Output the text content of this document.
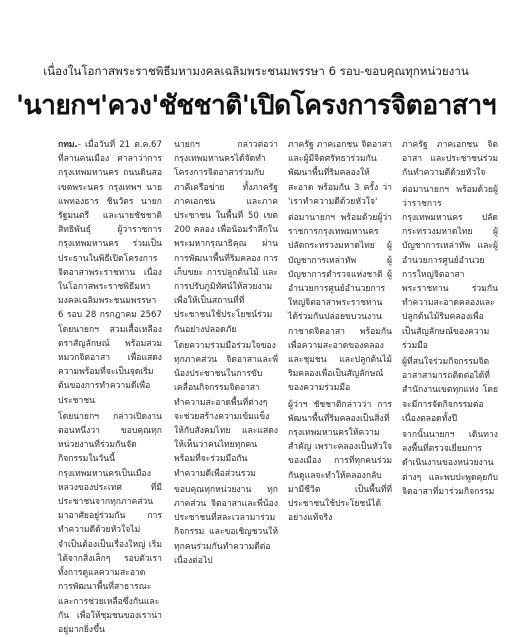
เนื่องในโอกาสพระราชพิธีมหามงคลเฉลิมพระชนมพรรษา 6 รอบ-ขอบคุณทุกหน่วยงาน
'นายกฯ'ควง'ชัชชาติ'เปิดโครงการจิตอาสาฯ

กทม.- เมื่อวันที่ 21 ต.ค.67 ที่ลานคนเมือง ศาลาว่าการกรุงเทพมหานคร ถนนดินสอ เขตพระนคร กรุงเทพฯ นายแพทองธาร ชินวัตร นายกรัฐมนตรี และนายชัชชาติ สิทธิพันธุ์ ผู้ว่าราชการกรุงเทพมหานคร ร่วมเป็นประธานในพิธีเปิดโครงการจิตอาสาพระราชทาน เนื่องในโอกาสพระราชพิธีมหามงคลเฉลิมพระชนมพรรษา 6 รอบ 28 กรกฎาคม 2567 โดยนายกฯ สวมเสื้อเหลืองตราสัญลักษณ์ พร้อมสวมหมวกจิตอาสา เพื่อแสดงความพร้อมที่จะเป็นจุดเริ่มต้นของการทำความดีเพื่อประชาชน

โดยนายกฯ กล่าวเปิดงานตอนหนึ่งว่า ขอบคุณทุกหน่วยงานที่ร่วมกันจัดกิจกรรมในวันนี้ กรุงเทพมหานครเป็นเมืองหลวงของประเทศ ที่มีประชาชนจากทุกภาคส่วนมาอาศัยอยู่ร่วมกัน การทำความดีด้วยหัวใจไม่จำเป็นต้องเป็นเรื่องใหญ่ เริ่มได้จากสิ่งเล็กๆ รอบตัวเรา ทั้งการดูแลความสะอาด การพัฒนาพื้นที่สาธารณะ และการช่วยเหลือซึ่งกันและกัน เพื่อให้ชุมชนของเราน่าอยู่มากยิ่งขึ้น

นายกฯ กล่าวต่อว่า กรุงเทพมหานครได้จัดทำโครงการจิตอาสาร่วมกับภาคีเครือข่าย ทั้งภาครัฐ ภาคเอกชน และภาคประชาชน ในพื้นที่ 50 เขต 200 คลอง เพื่อน้อมรำลึกในพระมหากรุณาธิคุณ ผ่านการพัฒนาพื้นที่ริมคลอง การเก็บขยะ การปลูกต้นไม้ และการปรับภูมิทัศน์ให้สวยงาม เพื่อให้เป็นสถานที่ที่ประชาชนใช้ประโยชน์ร่วมกันอย่างปลอดภัย

โดยความร่วมมือร่วมใจของทุกภาคส่วน จิตอาสาและพี่น้องประชาชนในการขับเคลื่อนกิจกรรมจิตอาสาทำความสะอาดพื้นที่ต่างๆ จะช่วยสร้างความเข้มแข็งให้กับสังคมไทย และแสดงให้เห็นว่าคนไทยทุกคนพร้อมที่จะร่วมมือกันทำความดีเพื่อส่วนรวม

ขอบคุณทุกหน่วยงาน ทุกภาคส่วน จิตอาสาและพี่น้องประชาชนที่สละเวลามาร่วมกิจกรรม และขอเชิญชวนให้ทุกคนร่วมกันทำความดีต่อเนื่องต่อไป

ภาครัฐ ภาคเอกชน จิตอาสา และผู้มีจิตศรัทธาร่วมกันพัฒนาพื้นที่ริมคลองให้สะอาด พร้อมกัน 3 ครั้ง ว่า 'เราทำความดีด้วยหัวใจ'

ต่อมานายกฯ พร้อมด้วยผู้ว่าราชการกรุงเทพมหานคร ปลัดกระทรวงมหาดไทย ผู้บัญชาการเหล่าทัพ ผู้บัญชาการตำรวจแห่งชาติ ผู้อำนวยการศูนย์อำนวยการใหญ่จิตอาสาพระราชทาน ได้ร่วมกันปล่อยขบวนงานกาชาดจิตอาสา พร้อมกันเพื่อความสะอาดของคลองและชุมชน และปลูกต้นไม้ริมคลองเพื่อเป็นสัญลักษณ์ของความร่วมมือ

ผู้ว่าฯ ชัชชาติกล่าวว่า การพัฒนาพื้นที่ริมคลองเป็นสิ่งที่กรุงเทพมหานครให้ความสำคัญ เพราะคลองเป็นหัวใจของเมือง การที่ทุกคนร่วมกันดูแลจะทำให้คลองกลับมามีชีวิต เป็นพื้นที่ที่ประชาชนใช้ประโยชน์ได้อย่างแท้จริง

ภาครัฐ ภาคเอกชน จิตอาสา และประชาชนร่วมกันทำความดีด้วยหัวใจ

ต่อมานายกฯ พร้อมด้วยผู้ว่าราชการกรุงเทพมหานคร ปลัดกระทรวงมหาดไทย ผู้บัญชาการเหล่าทัพ และผู้อำนวยการศูนย์อำนวยการใหญ่จิตอาสาพระราชทาน ร่วมกันทำความสะอาดคลองและปลูกต้นไม้ริมคลองเพื่อเป็นสัญลักษณ์ของความร่วมมือ

ผู้ที่สนใจร่วมกิจกรรมจิตอาสาสามารถติดต่อได้ที่สำนักงานเขตทุกแห่ง โดยจะมีการจัดกิจกรรมต่อเนื่องตลอดทั้งปี

จากนั้นนายกฯ เดินทางลงพื้นที่ตรวจเยี่ยมการดำเนินงานของหน่วยงานต่างๆ และพบปะพูดคุยกับจิตอาสาที่มาร่วมกิจกรรม
